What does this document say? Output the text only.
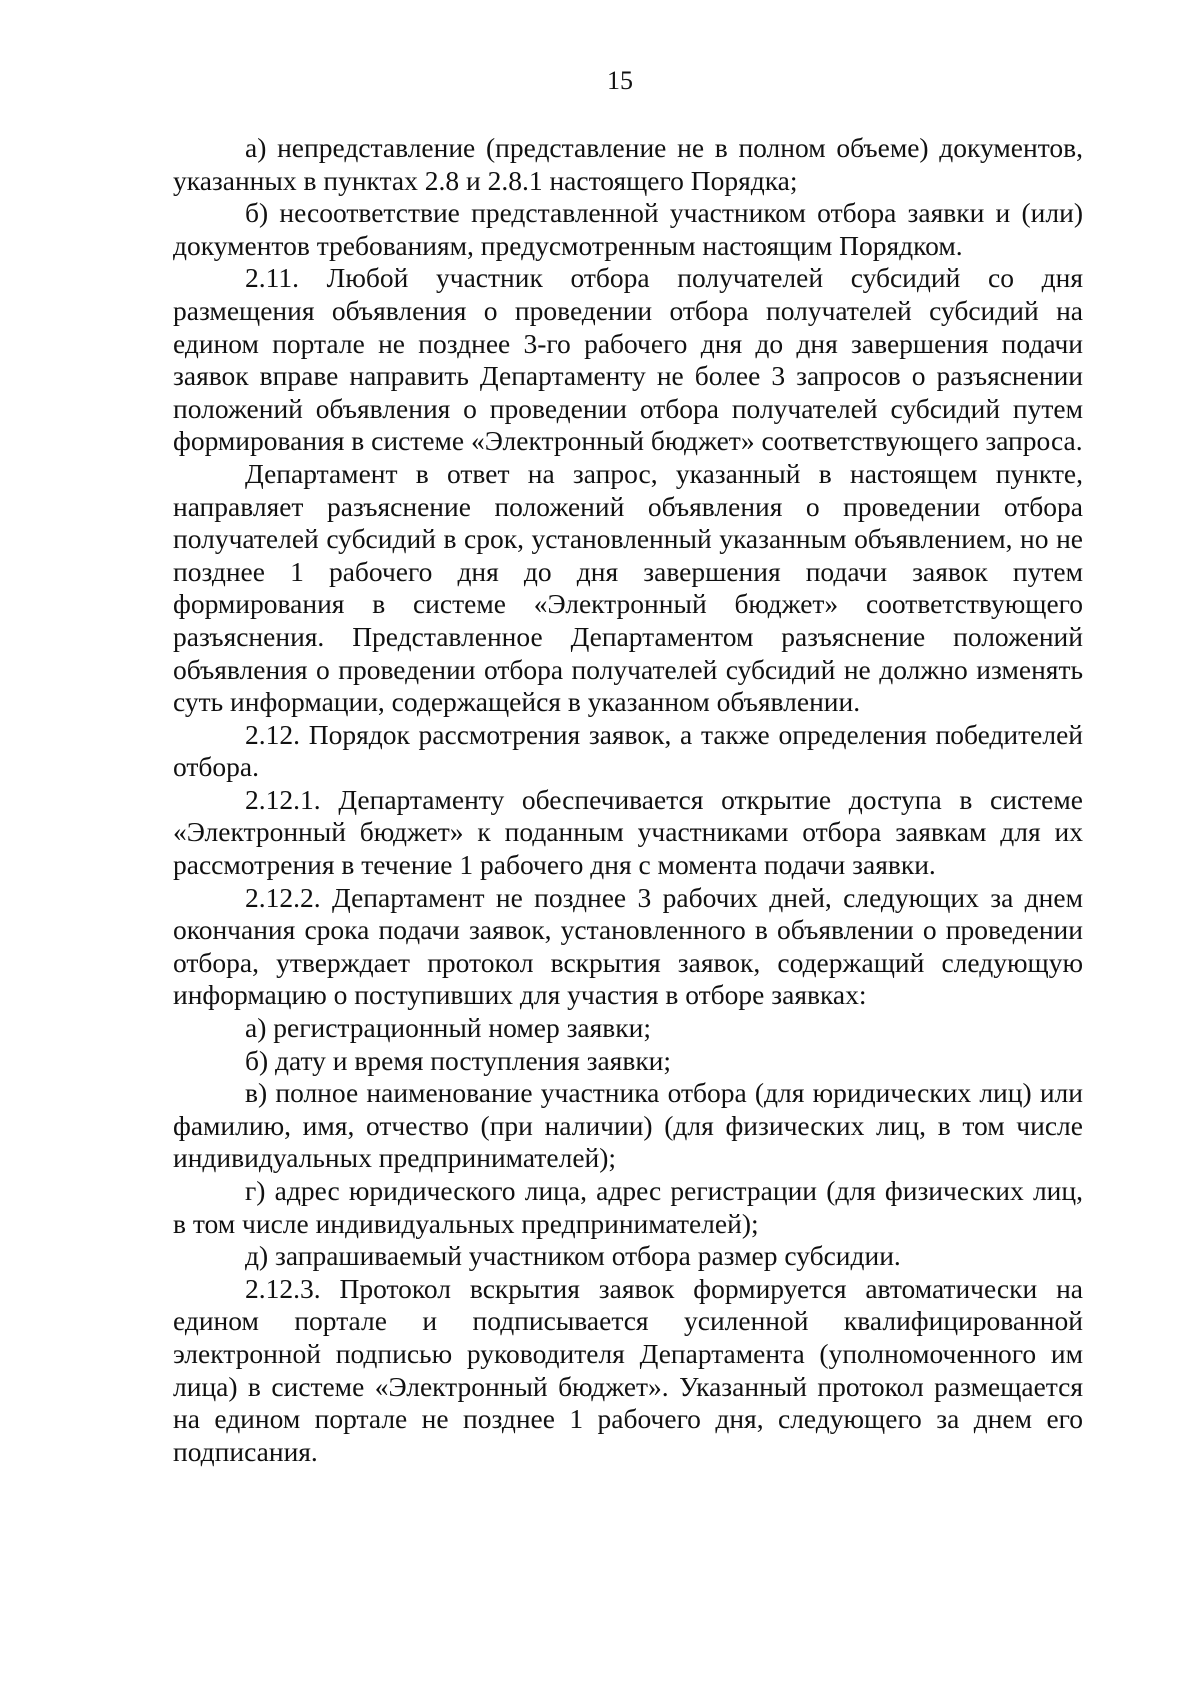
15

а) непредставление (представление не в полном объеме) документов, указанных в пунктах 2.8 и 2.8.1 настоящего Порядка;

б) несоответствие представленной участником отбора заявки и (или) документов требованиям, предусмотренным настоящим Порядком.

2.11. Любой участник отбора получателей субсидий со дня размещения объявления о проведении отбора получателей субсидий на едином портале не позднее 3-го рабочего дня до дня завершения подачи заявок вправе направить Департаменту не более 3 запросов о разъяснении положений объявления о проведении отбора получателей субсидий путем формирования в системе «Электронный бюджет» соответствующего запроса.

Департамент в ответ на запрос, указанный в настоящем пункте, направляет разъяснение положений объявления о проведении отбора получателей субсидий в срок, установленный указанным объявлением, но не позднее 1 рабочего дня до дня завершения подачи заявок путем формирования в системе «Электронный бюджет» соответствующего разъяснения. Представленное Департаментом разъяснение положений объявления о проведении отбора получателей субсидий не должно изменять суть информации, содержащейся в указанном объявлении.

2.12. Порядок рассмотрения заявок, а также определения победителей отбора.

2.12.1. Департаменту обеспечивается открытие доступа в системе «Электронный бюджет» к поданным участниками отбора заявкам для их рассмотрения в течение 1 рабочего дня с момента подачи заявки.

2.12.2. Департамент не позднее 3 рабочих дней, следующих за днем окончания срока подачи заявок, установленного в объявлении о проведении отбора, утверждает протокол вскрытия заявок, содержащий следующую информацию о поступивших для участия в отборе заявках:

а) регистрационный номер заявки;

б) дату и время поступления заявки;

в) полное наименование участника отбора (для юридических лиц) или фамилию, имя, отчество (при наличии) (для физических лиц, в том числе индивидуальных предпринимателей);

г) адрес юридического лица, адрес регистрации (для физических лиц, в том числе индивидуальных предпринимателей);

д) запрашиваемый участником отбора размер субсидии.

2.12.3. Протокол вскрытия заявок формируется автоматически на едином портале и подписывается усиленной квалифицированной электронной подписью руководителя Департамента (уполномоченного им лица) в системе «Электронный бюджет». Указанный протокол размещается на едином портале не позднее 1 рабочего дня, следующего за днем его подписания.
